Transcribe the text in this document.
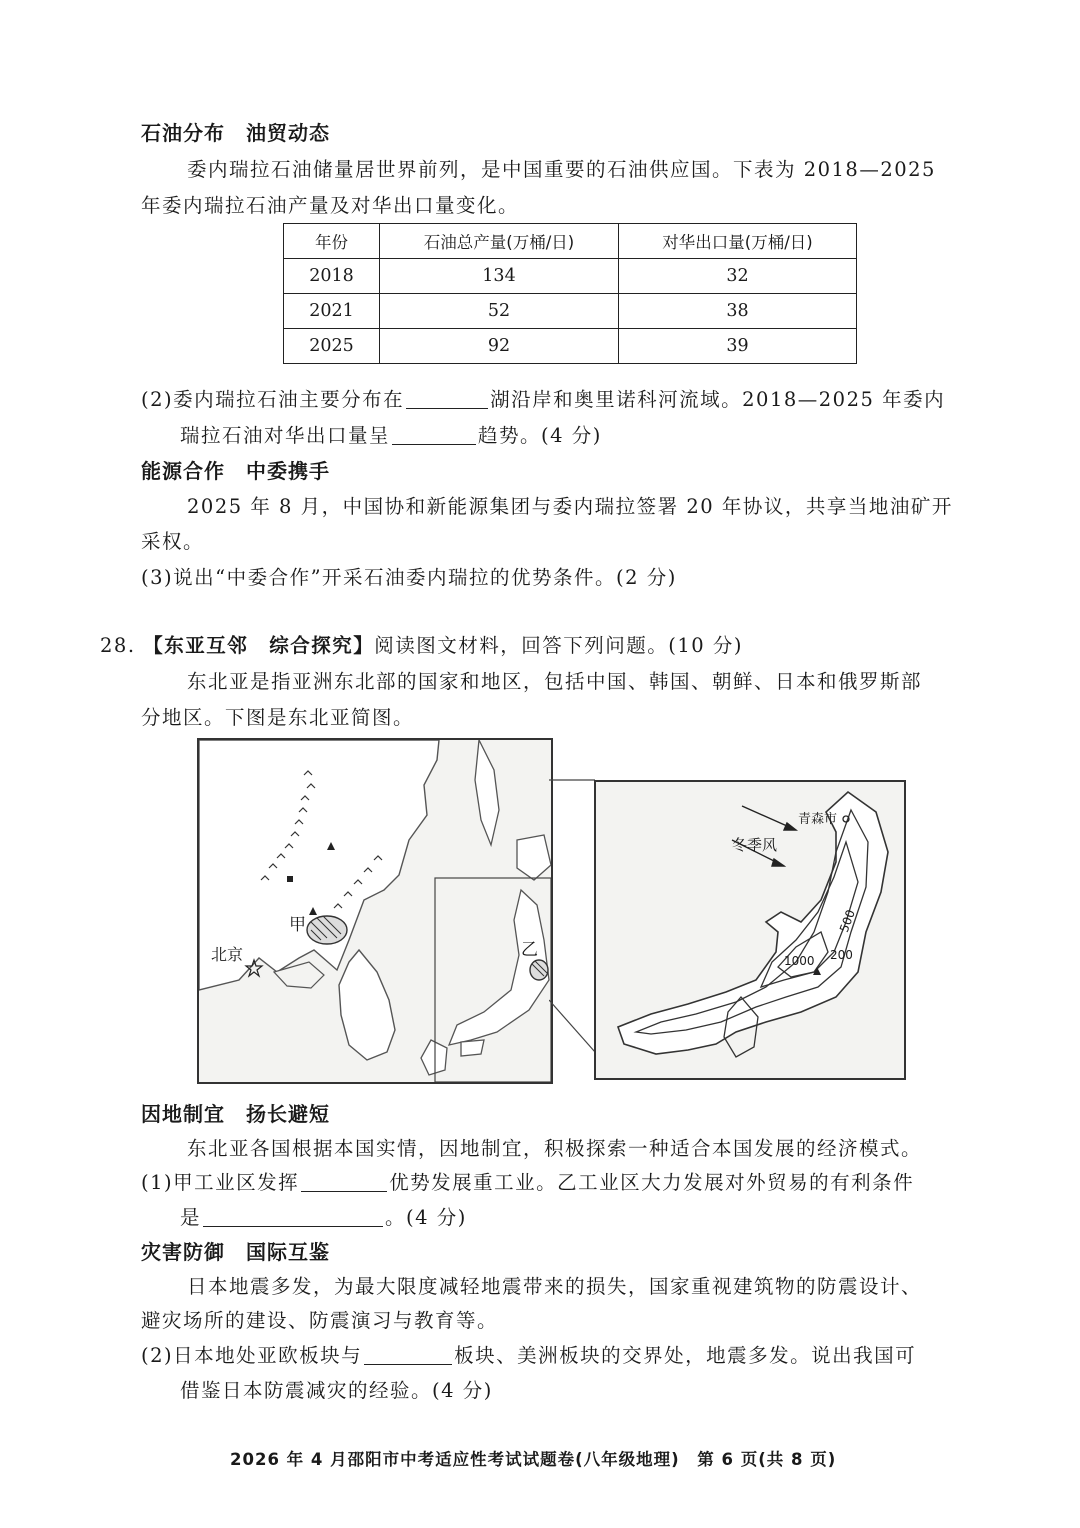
石油分布　油贸动态
委内瑞拉石油储量居世界前列，是中国重要的石油供应国。下表为 2018—2025
年委内瑞拉石油产量及对华出口量变化。
年份	石油总产量(万桶/日)	对华出口量(万桶/日)
2018	134	32
2021	52	38
2025	92	39
(2)委内瑞拉石油主要分布在	湖沿岸和奥里诺科河流域。2018—2025 年委内
瑞拉石油对华出口量呈	趋势。(4 分)
能源合作　中委携手
2025 年 8 月，中国协和新能源集团与委内瑞拉签署 20 年协议，共享当地油矿开
采权。
(3)说出“中委合作”开采石油委内瑞拉的优势条件。(2 分)
28. 【东亚互邻　综合探究】阅读图文材料，回答下列问题。(10 分)
东北亚是指亚洲东北部的国家和地区，包括中国、韩国、朝鲜、日本和俄罗斯部
分地区。下图是东北亚简图。
甲
乙
北京
青森市
冬季风
500
1000 200
因地制宜　扬长避短
东北亚各国根据本国实情，因地制宜，积极探索一种适合本国发展的经济模式。
(1)甲工业区发挥	优势发展重工业。乙工业区大力发展对外贸易的有利条件
是	。(4 分)
灾害防御　国际互鉴
日本地震多发，为最大限度减轻地震带来的损失，国家重视建筑物的防震设计、
避灾场所的建设、防震演习与教育等。
(2)日本地处亚欧板块与	板块、美洲板块的交界处，地震多发。说出我国可
借鉴日本防震减灾的经验。(4 分)
2026 年 4 月邵阳市中考适应性考试试题卷(八年级地理)　第 6 页(共 8 页)
